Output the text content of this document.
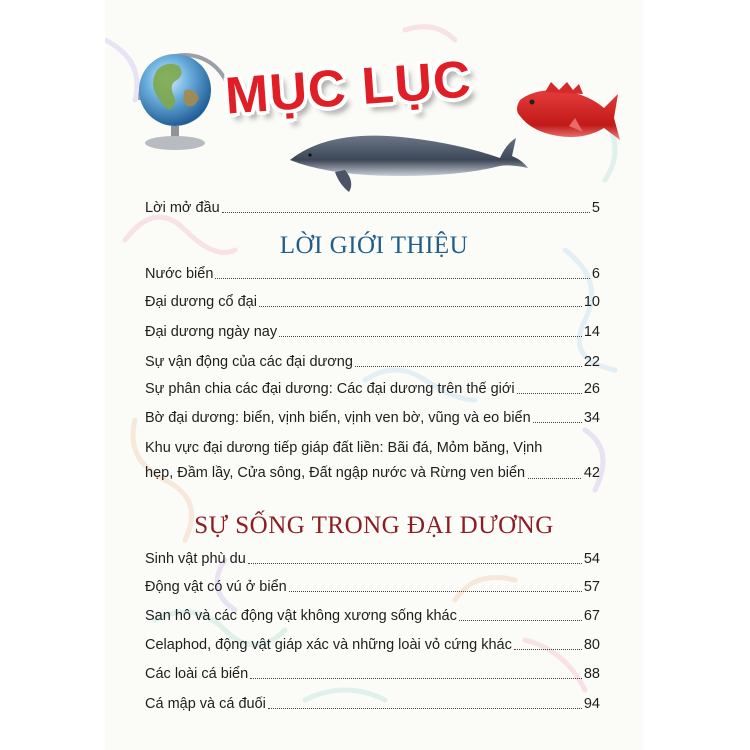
MỤC LỤC
Lời mở đầu	5
LỜI GIỚI THIỆU
Nước biển	6
Đại dương cổ đại	10
Đại dương ngày nay	14
Sự vận động của các đại dương	22
Sự phân chia các đại dương: Các đại dương trên thế giới	26
Bờ đại dương: biển, vịnh biển, vịnh ven bờ, vũng và eo biển	34
Khu vực đại dương tiếp giáp đất liền: Bãi đá, Mỏm băng, Vịnh
hẹp, Đầm lầy, Cửa sông, Đất ngập nước và Rừng ven biển	42
SỰ SỐNG TRONG ĐẠI DƯƠNG
Sinh vật phù du	54
Động vật có vú ở biển	57
San hô và các động vật không xương sống khác	67
Celaphod, động vật giáp xác và những loài vỏ cứng khác	80
Các loài cá biển	88
Cá mập và cá đuối	94
